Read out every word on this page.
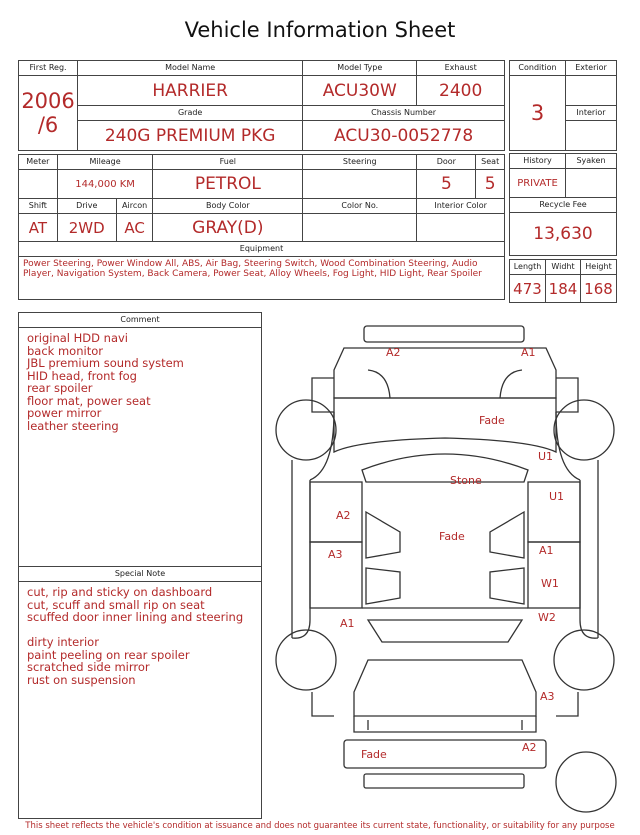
Vehicle Information Sheet
First Reg.		Model Name			Model Type	Exhaust	

2006
/6		HARRIER			ACU30W	2400	
		Grade			Chassis Number		
		240G PREMIUM PKG			ACU30-0052778		

Meter	Mileage			Fuel	Steering	Door	Seat
	144,000 KM			PETROL		5	5
Shift	Drive		Aircon	Body Color	Color No.	Interior Color	
AT	2WD		AC	GRAY(D)			
Equipment							
Power Steering, Power Window All, ABS, Air Bag, Steering Switch, Wood Combination Steering, Audio Player, Navigation System, Back Camera, Power Seat, Alloy Wheels, Fog Light, HID Light, Rear Spoiler							
Condition	Exterior
3	
	Interior

History	Syaken
PRIVATE	
Recycle Fee	
13,630	
Length	Widht	Height
473	184	168
Comment
original HDD navi
back monitor
JBL premium sound system
HID head, front fog
rear spoiler
floor mat, power seat
power mirror
leather steering
Special Note
cut, rip and sticky on dashboard
cut, scuff and small rip on seat
scuffed door inner lining and steering
dirty interior
paint peeling on rear spoiler
scratched side mirror
rust on suspension
A2	A1
Fade
U1
U1
Stone
A2
Fade
A3	A1
W1
W2
A1
A3
Fade
A2
This sheet reflects the vehicle's condition at issuance and does not guarantee its current state, functionality, or suitability for any purpose
